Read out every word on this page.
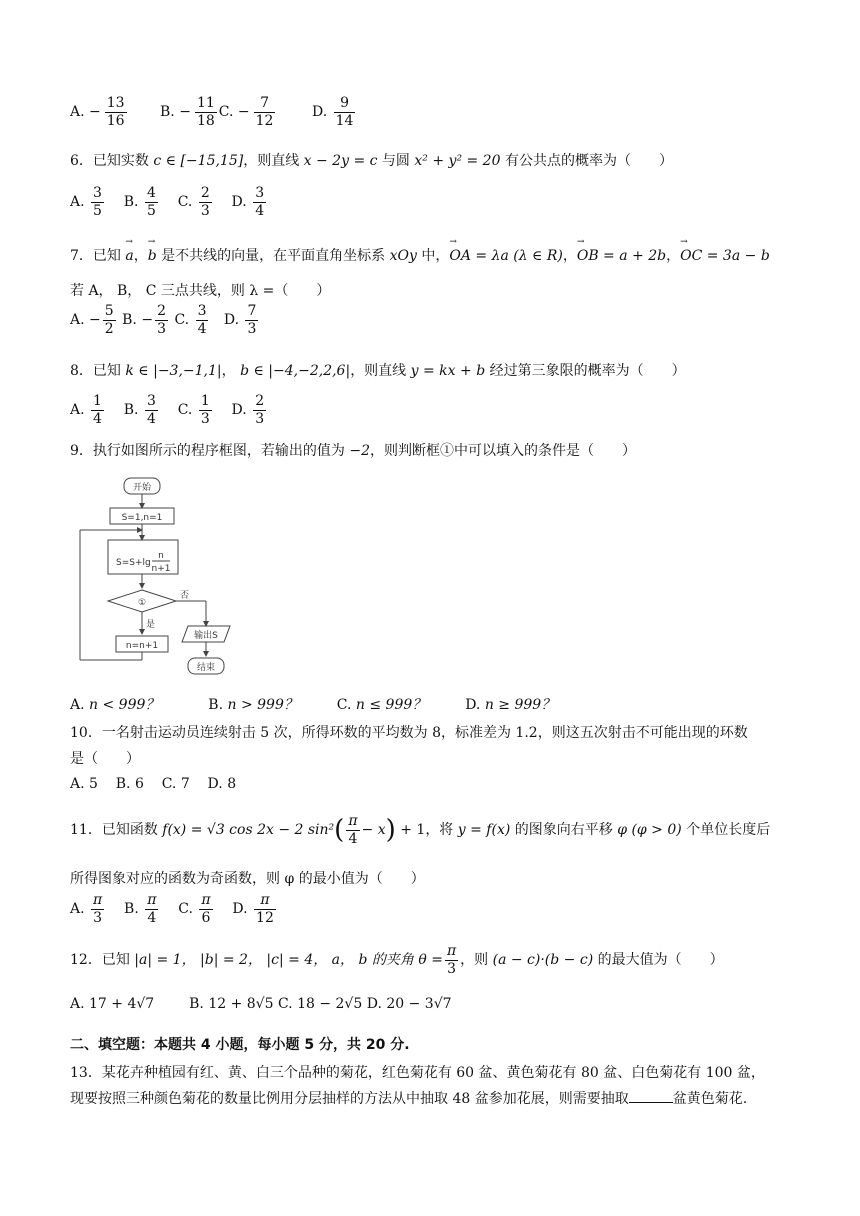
A. − $\frac{13}{16} B$. − $\frac{11}{18} C$. − $\frac{7}{12}$	D. $\frac{9}{14}$
6．已知实数 c ∈ [−15,15]，则直线 x − 2y = c 与圆 x² + y² = 20 有公共点的概率为（　　）
A. $\frac{3}{5} B$. $\frac{4}{5} C$. $\frac{2}{3} D$. $\frac{3}{4}$
7．已知 → a，→ b 是不共线的向量，在平面直角坐标系 xOy 中，→ OA = λa (λ ∈ R)，→ OB = a + 2b，→ OC = 3a − b
若 A， B， C 三点共线，则 λ =（　　）
A. − $\frac{5}{2} B$. − $\frac{2}{3} C$. $\frac{3}{4} D$. $\frac{7}{3}$
8．已知 k ∈ |−3,−1,1|， b ∈ |−4,−2,2,6|，则直线 y = kx + b 经过第三象限的概率为（　　）
A. $\frac{1}{4} B$. $\frac{3}{4} C$. $\frac{1}{3} D$. $\frac{2}{3}$
9．执行如图所示的程序框图，若输出的值为 −2，则判断框①中可以填入的条件是（　　）
开始
S=1,n=1
S=S+lg
n
n+1
①
否
是
n=n+1
输出S
结束
A. n < 999？	B. n > 999？	C. n ≤ 999？	D. n ≥ 999？
10．一名射击运动员连续射击 5 次，所得环数的平均数为 8，标准差为 1.2，则这五次射击不可能出现的环数
是（　　）
A. 5 B. 6 C. 7 D. 8
11．已知函数 f(x) = √3 cos 2x − 2 $\sin^2( \frac{\pi}{4} - x) + 1$，将 y = f(x) 的图象向右平移 φ (φ > 0) 个单位长度后
所得图象对应的函数为奇函数，则 φ 的最小值为（　　）
A. $\frac{\pi}{3} B$. $\frac{\pi}{4} C$. $\frac{\pi}{6} D$. $\frac{\pi}{12}$
12．已知 |a| = 1， |b| = 2， |c| = 4， a， b 的夹角 $\theta = \frac{\pi}{3}$ ，则 (a − c)·(b − c) 的最大值为（　　）
A. 17 + 4√7 B. 12 + 8√5 C. 18 − 2√5 D. 20 − 3√7
二、填空题：本题共 4 小题，每小题 5 分，共 20 分.
13．某花卉种植园有红、黄、白三个品种的菊花，红色菊花有 60 盆、黄色菊花有 80 盆、白色菊花有 100 盆，
现要按照三种颜色菊花的数量比例用分层抽样的方法从中抽取 48 盆参加花展，则需要抽取	盆黄色菊花.
